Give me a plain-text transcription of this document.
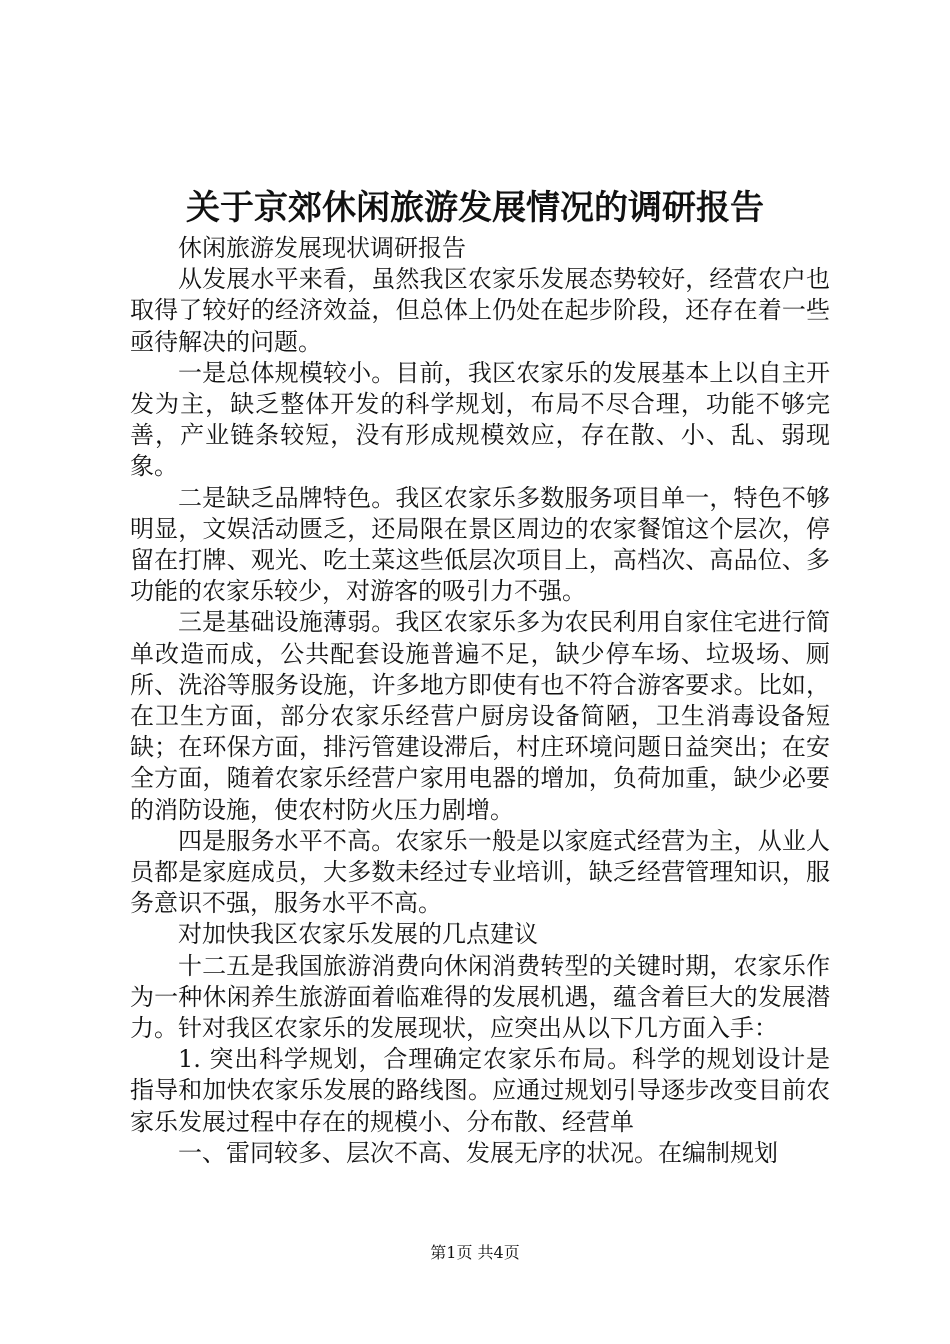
关于京郊休闲旅游发展情况的调研报告

休闲旅游发展现状调研报告

从发展水平来看，虽然我区农家乐发展态势较好，经营农户也取得了较好的经济效益，但总体上仍处在起步阶段，还存在着一些亟待解决的问题。

一是总体规模较小。目前，我区农家乐的发展基本上以自主开发为主，缺乏整体开发的科学规划，布局不尽合理，功能不够完善，产业链条较短，没有形成规模效应，存在散、小、乱、弱现象。

二是缺乏品牌特色。我区农家乐多数服务项目单一，特色不够明显，文娱活动匮乏，还局限在景区周边的农家餐馆这个层次，停留在打牌、观光、吃土菜这些低层次项目上，高档次、高品位、多功能的农家乐较少，对游客的吸引力不强。

三是基础设施薄弱。我区农家乐多为农民利用自家住宅进行简单改造而成，公共配套设施普遍不足，缺少停车场、垃圾场、厕所、洗浴等服务设施，许多地方即使有也不符合游客要求。比如，在卫生方面，部分农家乐经营户厨房设备简陋，卫生消毒设备短缺；在环保方面，排污管建设滞后，村庄环境问题日益突出；在安全方面，随着农家乐经营户家用电器的增加，负荷加重，缺少必要的消防设施，使农村防火压力剧增。

四是服务水平不高。农家乐一般是以家庭式经营为主，从业人员都是家庭成员，大多数未经过专业培训，缺乏经营管理知识，服务意识不强，服务水平不高。

对加快我区农家乐发展的几点建议

十二五是我国旅游消费向休闲消费转型的关键时期，农家乐作为一种休闲养生旅游面着临难得的发展机遇，蕴含着巨大的发展潜力。针对我区农家乐的发展现状，应突出从以下几方面入手：

1. 突出科学规划，合理确定农家乐布局。科学的规划设计是指导和加快农家乐发展的路线图。应通过规划引导逐步改变目前农家乐发展过程中存在的规模小、分布散、经营单

一、雷同较多、层次不高、发展无序的状况。在编制规划

第1页 共4页
